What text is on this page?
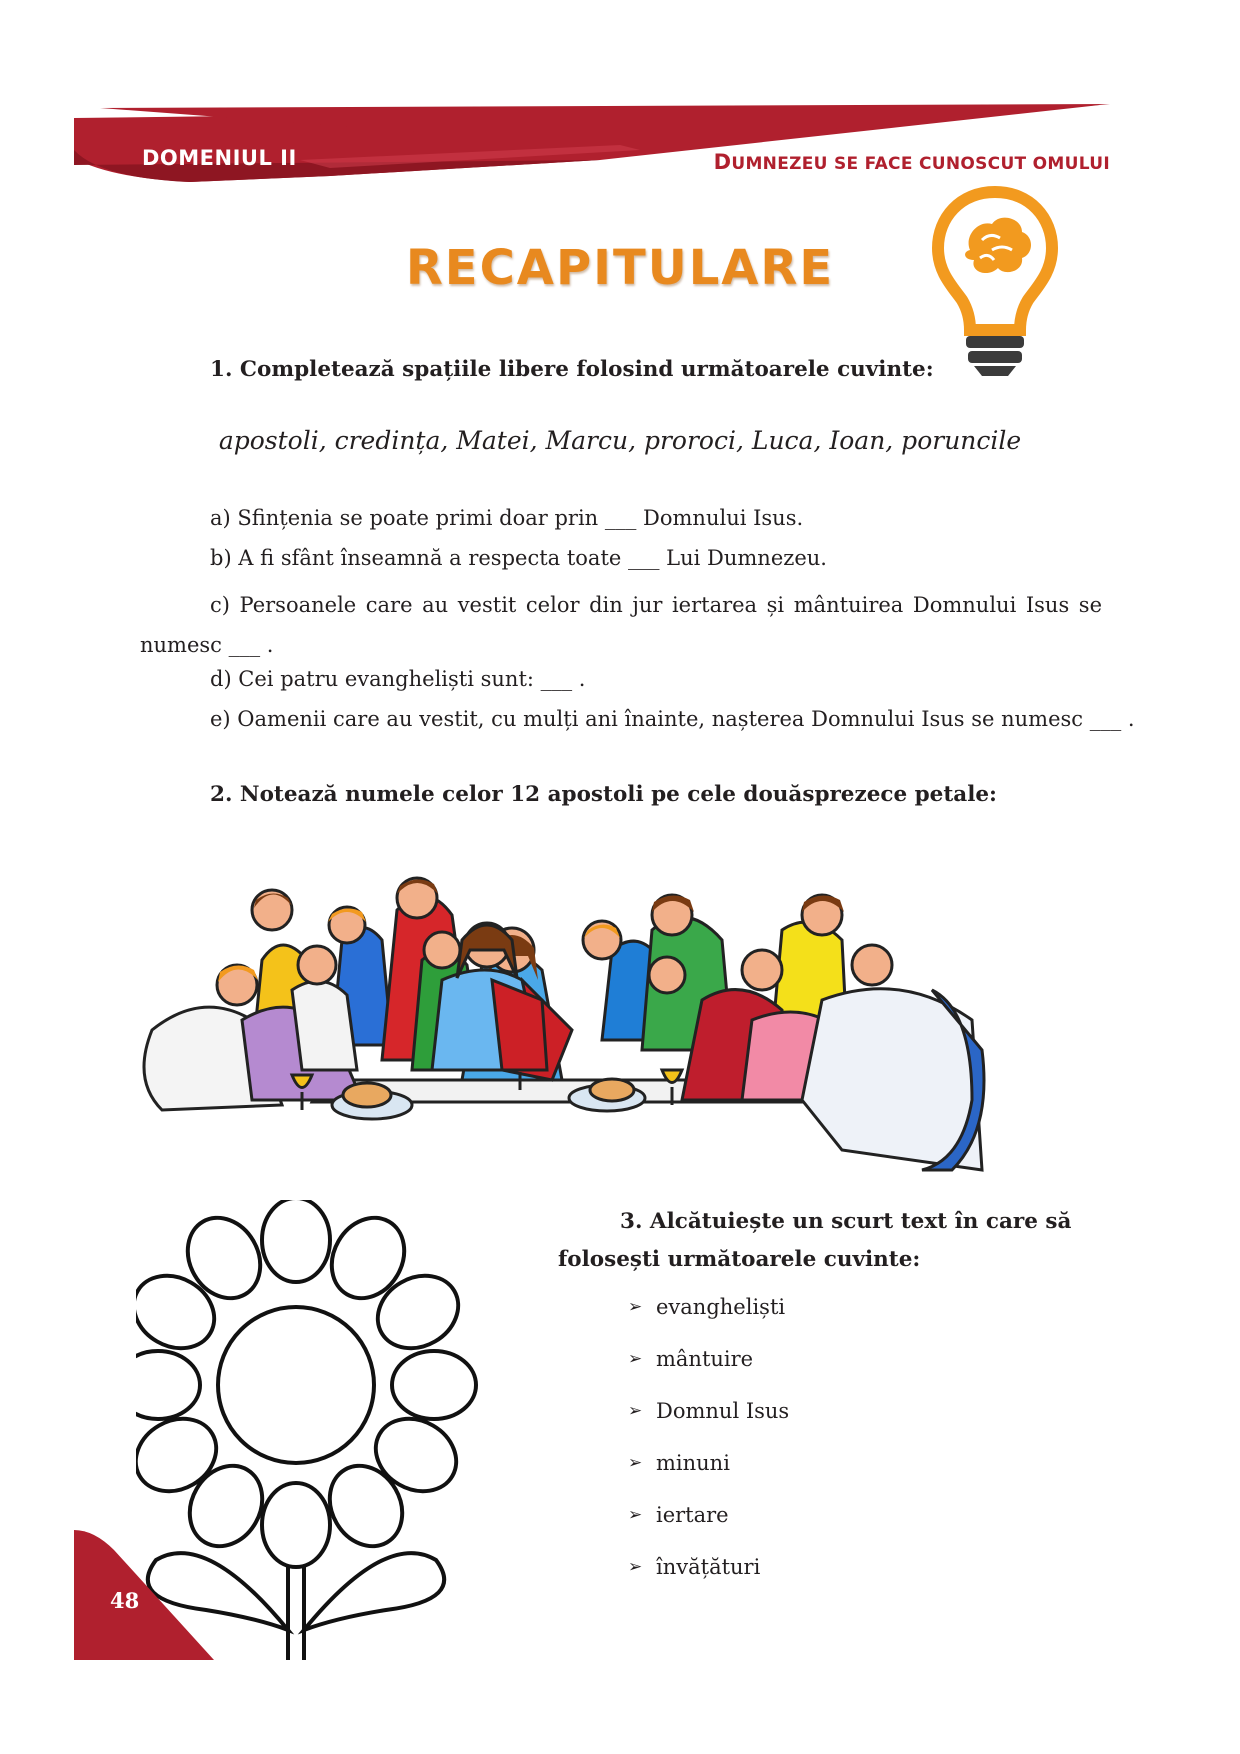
DOMENIUL II	DUMNEZEU SE FACE CUNOSCUT OMULUI
RECAPITULARE
1. Completează spațiile libere folosind următoarele cuvinte:
apostoli, credința, Matei, Marcu, proroci, Luca, Ioan, poruncile
a) Sfințenia se poate primi doar prin ___ Domnului Isus.
b) A fi sfânt înseamnă a respecta toate ___ Lui Dumnezeu.
c) Persoanele care au vestit celor din jur iertarea și mântuirea Domnului Isus se numesc ___ .
d) Cei patru evangheliști sunt: ___ .
e) Oamenii care au vestit, cu mulți ani înainte, nașterea Domnului Isus se numesc ___ .
2. Notează numele celor 12 apostoli pe cele douăsprezece petale:
3. Alcătuiește un scurt text în care să folosești următoarele cuvinte:
➢ evangheliști
➢ mântuire
➢ Domnul Isus
➢ minuni
➢ iertare
➢ învățături
48
